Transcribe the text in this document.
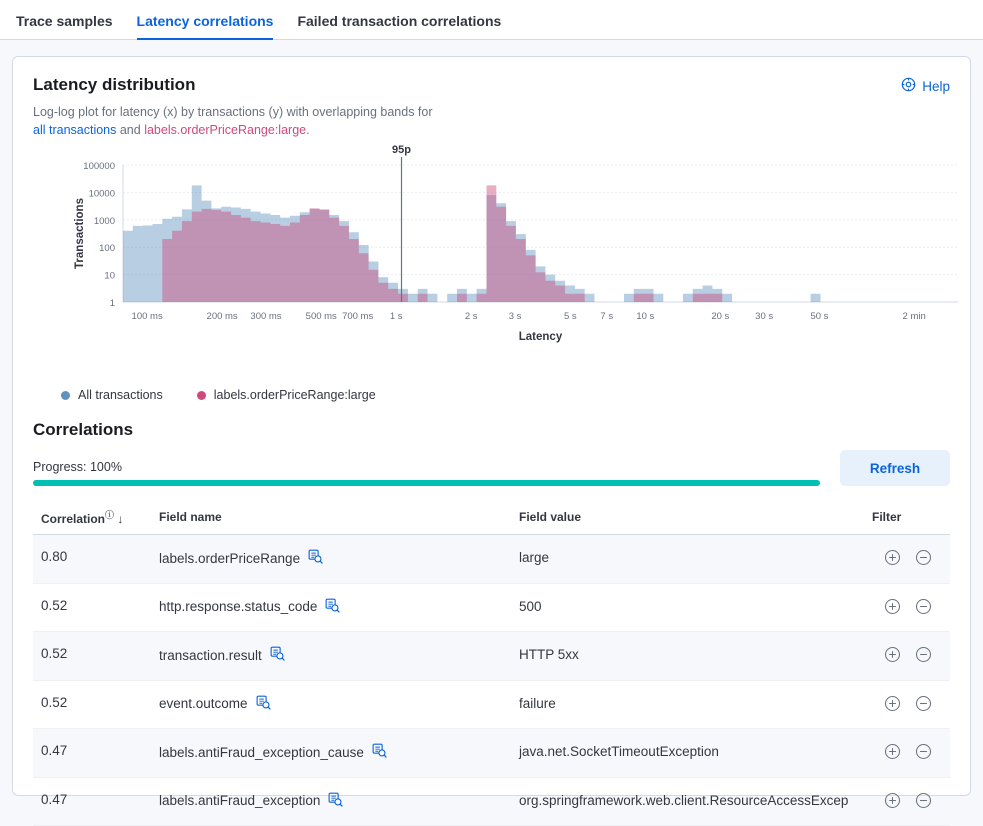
Trace samples Latency correlations Failed transaction correlations
Latency distribution	Help
Log-log plot for latency (x) by transactions (y) with overlapping bands for
all transactions and labels.orderPriceRange:large.
1
10
100
1000
10000
100000
100 ms	200 ms 300 ms	500 ms 700 ms 1 s	2 s	3 s	5 s 7 s 10 s	20 s	30 s	50 s	2 min
95p
Transactions
Latency
All transactions	labels.orderPriceRange:large
Correlations
Progress: 100%	Refresh
Correlationⓘ ↓	Field name	Field value	Filter
0.80	labels.orderPriceRange	large

0.52	http.response.status_code	500

0.52	transaction.result	HTTP 5xx

0.52	event.outcome	failure

0.47	labels.antiFraud_exception_cause	java.net.SocketTimeoutException

0.47	labels.antiFraud_exception	org.springframework.web.client.ResourceAccessExcep
